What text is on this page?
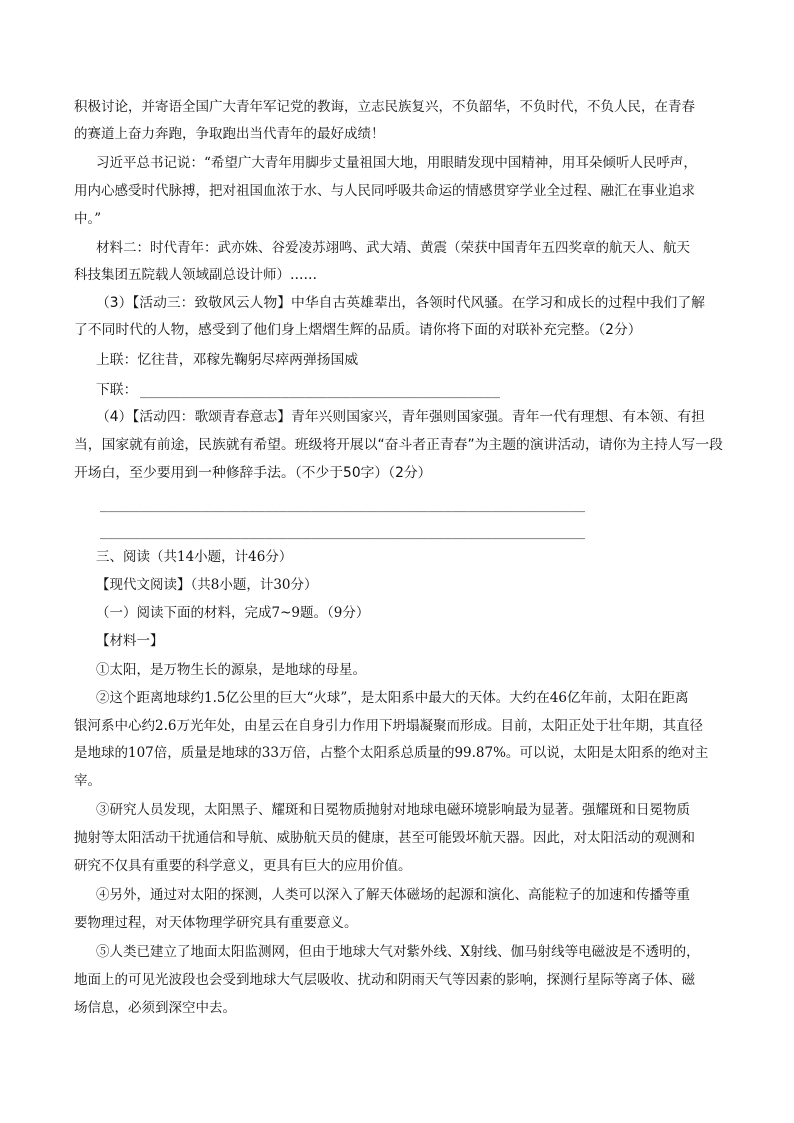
积极讨论，并寄语全国广大青年军记党的教诲，立志民族复兴，不负韶华，不负时代，不负人民，在青春
的赛道上奋力奔跑，争取跑出当代青年的最好成绩！
习近平总书记说：“希望广大青年用脚步丈量祖国大地，用眼睛发现中国精神，用耳朵倾听人民呼声，
用内心感受时代脉搏，把对祖国血浓于水、与人民同呼吸共命运的情感贯穿学业全过程、融汇在事业追求
中。”
材料二：时代青年：武亦姝、谷爱凌苏翊鸣、武大靖、黄震（荣获中国青年五四奖章的航天人、航天
科技集团五院载人领域副总设计师）……
（3）【活动三：致敬风云人物】中华自古英雄辈出，各领时代风骚。在学习和成长的过程中我们了解
了不同时代的人物，感受到了他们身上熠熠生辉的品质。请你将下面的对联补充完整。（2分）
上联：忆往昔，邓稼先鞠躬尽瘁两弹扬国威
下联： ______________________________________________
（4）【活动四：歌颂青春意志】青年兴则国家兴，青年强则国家强。青年一代有理想、有本领、有担
当，国家就有前途，民族就有希望。班级将开展以“奋斗者正青春”为主题的演讲活动，请你为主持人写一段
开场白，至少要用到一种修辞手法。（不少于50字）（2分）
______________________________________________________________
______________________________________________________________
三、阅读（共14小题，计46分）
【现代文阅读】（共8小题，计30分）
（一）阅读下面的材料，完成7~9题。（9分）
【材料一】
①太阳，是万物生长的源泉，是地球的母星。
②这个距离地球约1.5亿公里的巨大“火球”，是太阳系中最大的天体。大约在46亿年前，太阳在距离
银河系中心约2.6万光年处，由星云在自身引力作用下坍塌凝聚而形成。目前，太阳正处于壮年期，其直径
是地球的107倍，质量是地球的33万倍，占整个太阳系总质量的99.87%。可以说，太阳是太阳系的绝对主
宰。
③研究人员发现，太阳黑子、耀斑和日冕物质抛射对地球电磁环境影响最为显著。强耀斑和日冕物质
抛射等太阳活动干扰通信和导航、威胁航天员的健康，甚至可能毁坏航天器。因此，对太阳活动的观测和
研究不仅具有重要的科学意义，更具有巨大的应用价值。
④另外，通过对太阳的探测，人类可以深入了解天体磁场的起源和演化、高能粒子的加速和传播等重
要物理过程，对天体物理学研究具有重要意义。
⑤人类已建立了地面太阳监测网，但由于地球大气对紫外线、X射线、伽马射线等电磁波是不透明的，
地面上的可见光波段也会受到地球大气层吸收、扰动和阴雨天气等因素的影响，探测行星际等离子体、磁
场信息，必须到深空中去。
